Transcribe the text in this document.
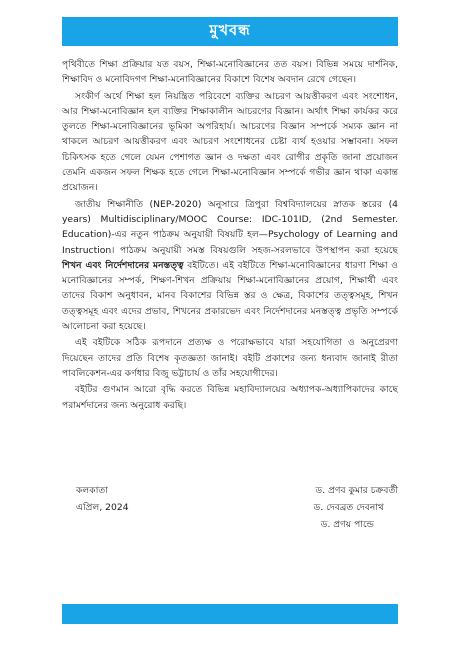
মুখবন্ধ

পৃথিবীতে শিক্ষা প্রক্রিয়ার যত বয়স, শিক্ষা-মনোবিজ্ঞানের তত বয়স। বিভিন্ন সময়ে দার্শনিক, শিক্ষাবিদ ও মনোবিদগণ শিক্ষা-মনোবিজ্ঞানের বিকাশে বিশেষ অবদান রেখে গেছেন।

সংকীর্ণ অর্থে শিক্ষা হল নিয়ন্ত্রিত পরিবেশে ব্যক্তির আচরণ আয়ত্তীকরণ এবং সংশোধন, আর শিক্ষা-মনোবিজ্ঞান হল ব্যক্তির শিক্ষাকালীন আচরণের বিজ্ঞান। অর্থাৎ শিক্ষা কার্যকর করে তুলতে শিক্ষা-মনোবিজ্ঞানের ভূমিকা অপরিহার্য। আচরণের বিজ্ঞান সম্পর্কে সম্যক জ্ঞান না থাকলে আচরণ আয়ত্তীকরণ এবং আচরণ সংশোধনের চেষ্টা ব্যর্থ হওয়ার সম্ভাবনা। সফল চিকিৎসক হতে গেলে যেমন পেশাগত জ্ঞান ও দক্ষতা এবং রোগীর প্রকৃতি জানা প্রয়োজন তেমনি একজন সফল শিক্ষক হতে গেলে শিক্ষা-মনোবিজ্ঞান সম্পর্কে গভীর জ্ঞান থাকা একান্ত প্রয়োজন।

জাতীয় শিক্ষানীতি (NEP-2020) অনুসারে ত্রিপুরা বিশ্ববিদ্যালয়ের স্নাতক স্তরের (4 years) Multidisciplinary/MOOC Course: IDC-101ID, (2nd Semester. Education)-এর নতুন পাঠক্রম অনুযায়ী বিষয়টি হল—Psychology of Learning and Instruction। পাঠক্রম অনুযায়ী সমস্ত বিষয়গুলি সহজ-সরলভাবে উপস্থাপন করা হয়েছে শিখন এবং নির্দেশদানের মনস্তত্ত্ব বইটিতে। এই বইটিতে শিক্ষা-মনোবিজ্ঞানের ধারণা শিক্ষা ও মনোবিজ্ঞানের সম্পর্ক, শিক্ষণ-শিখন প্রক্রিয়ায় শিক্ষা-মনোবিজ্ঞানের প্রয়োগ, শিক্ষার্থী এবং তাদের বিকাশ অনুধাবন, মানব বিকাশের বিভিন্ন স্তর ও ক্ষেত্র, বিকাশের তত্ত্বসমূহ, শিখন তত্ত্বসমূহ এবং এদের প্রভাব, শিখনের প্রকারভেদ এবং নির্দেশদানের মনস্তত্ত্ব প্রভৃতি সম্পর্কে আলোচনা করা হয়েছে।

এই বইটিকে সঠিক রূপদানে প্রত্যক্ষ ও পরোক্ষভাবে যারা সহযোগিতা ও অনুপ্রেরণা দিয়েছেন তাদের প্রতি বিশেষ কৃতজ্ঞতা জানাই। বইটি প্রকাশের জন্য ধন্যবাদ জানাই রীতা পাবলিকেশন-এর কর্ণধার বিজু ভট্টাচার্য ও তাঁর সহযোগীদের।

বইটির গুণমান আরো বৃদ্ধি করতে বিভিন্ন মহাবিদ্যালয়ের অধ্যাপক-অধ্যাপিকাদের কাছে পরামর্শদানের জন্য অনুরোধ করছি।

কলকাতা	ড. প্রণব কুমার চক্রবর্তী
এপ্রিল, 2024	ড. দেবব্রত দেবনাথ
ড. প্রণয় পান্ডে
